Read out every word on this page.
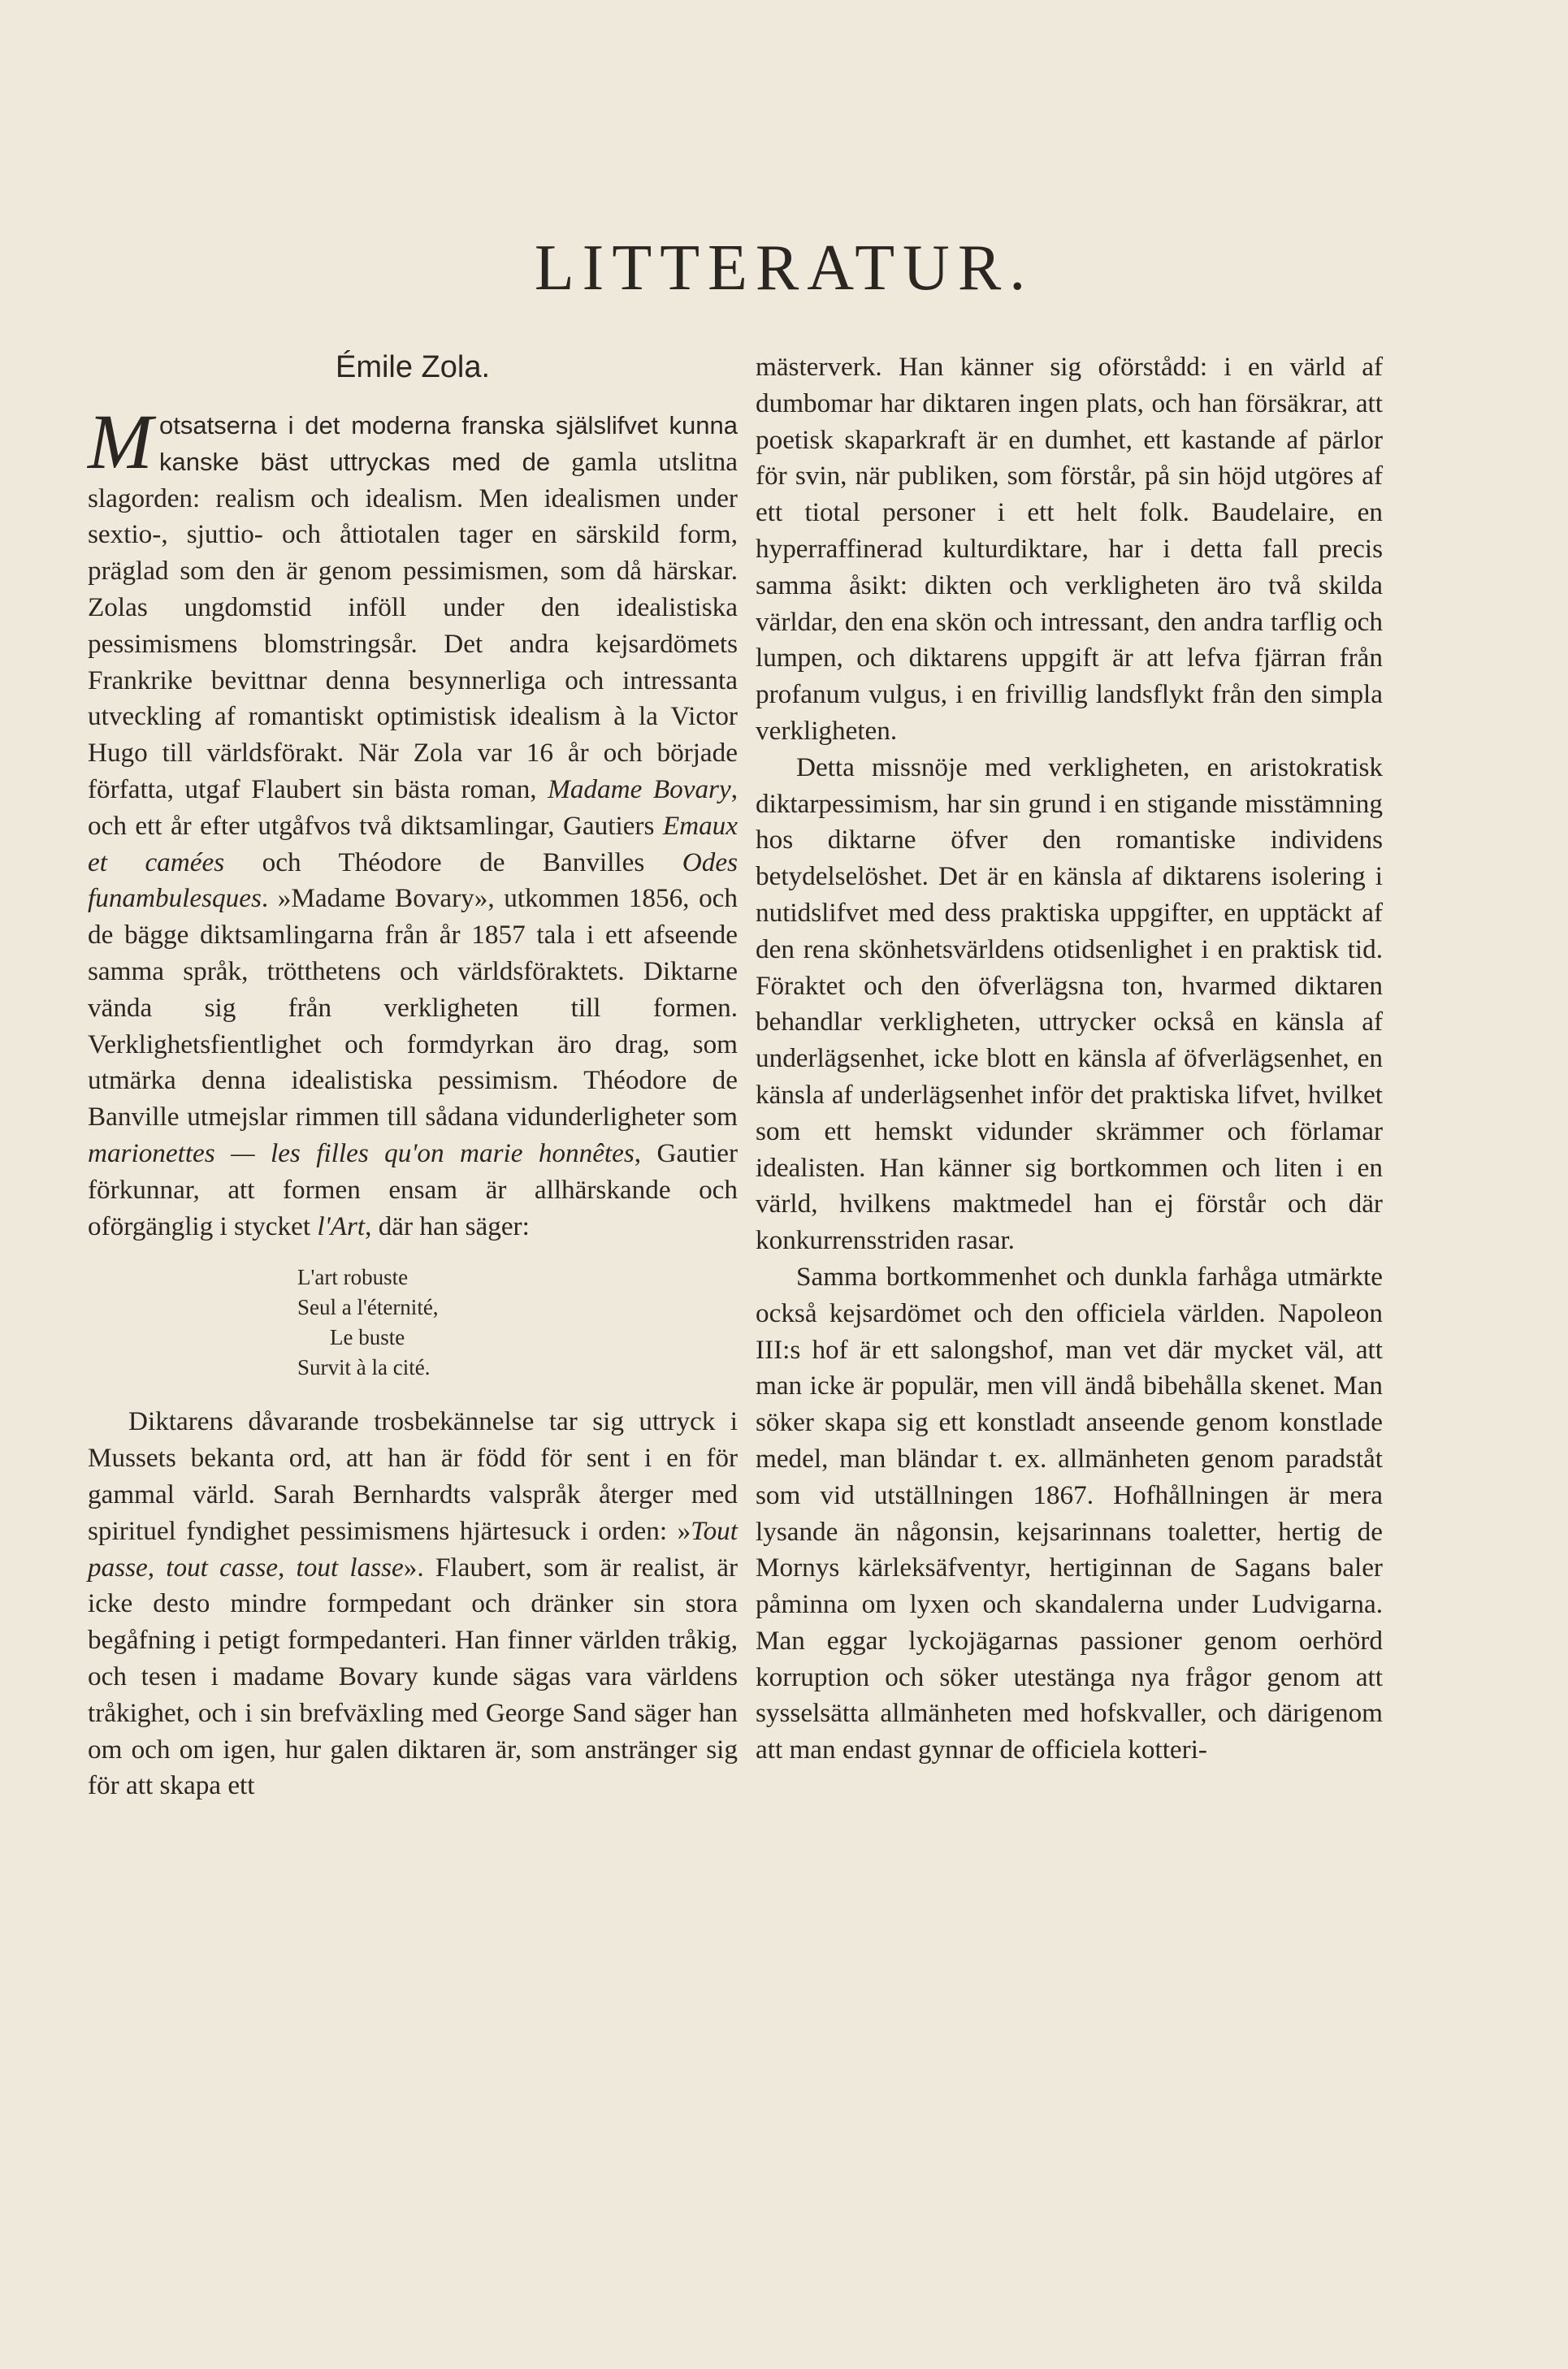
LITTERATUR.
Émile Zola.

Motsatserna i det moderna franska själslifvet kunna kanske bäst uttryckas med de gamla utslitna slagorden: realism och idealism. Men idealismen under sextio-, sjuttio- och åttiotalen tager en särskild form, präglad som den är genom pessimismen, som då härskar. Zolas ungdomstid inföll under den idealistiska pessimismens blomstringsår. Det andra kejsardömets Frankrike bevittnar denna besynnerliga och intressanta utveckling af romantiskt optimistisk idealism à la Victor Hugo till världsförakt. När Zola var 16 år och började författa, utgaf Flaubert sin bästa roman, Madame Bovary, och ett år efter utgåfvos två diktsamlingar, Gautiers Emaux et camées och Théodore de Banvilles Odes funambulesques. »Madame Bovary», utkommen 1856, och de bägge diktsamlingarna från år 1857 tala i ett afseende samma språk, trötthetens och världsföraktets. Diktarne vända sig från verkligheten till formen. Verklighetsfientlighet och formdyrkan äro drag, som utmärka denna idealistiska pessimism. Théodore de Banville utmejslar rimmen till sådana vidunderligheter som marionettes — les filles qu'on marie honnêtes, Gautier förkunnar, att formen ensam är allhärskande och oförgänglig i stycket l'Art, där han säger:

L'art robuste
Seul a l'éternité,
Le buste
Survit à la cité.

Diktarens dåvarande trosbekännelse tar sig uttryck i Mussets bekanta ord, att han är född för sent i en för gammal värld. Sarah Bernhardts valspråk återger med spirituel fyndighet pessimismens hjärtesuck i orden: »Tout passe, tout casse, tout lasse». Flaubert, som är realist, är icke desto mindre formpedant och dränker sin stora begåfning i petigt formpedanteri. Han finner världen tråkig, och tesen i madame Bovary kunde sägas vara världens tråkighet, och i sin brefväxling med George Sand säger han om och om igen, hur galen diktaren är, som anstränger sig för att skapa ett

mästerverk. Han känner sig oförstådd: i en värld af dumbomar har diktaren ingen plats, och han försäkrar, att poetisk skaparkraft är en dumhet, ett kastande af pärlor för svin, när publiken, som förstår, på sin höjd utgöres af ett tiotal personer i ett helt folk. Baudelaire, en hyperraffinerad kulturdiktare, har i detta fall precis samma åsikt: dikten och verkligheten äro två skilda världar, den ena skön och intressant, den andra tarflig och lumpen, och diktarens uppgift är att lefva fjärran från profanum vulgus, i en frivillig landsflykt från den simpla verkligheten.

Detta missnöje med verkligheten, en aristokratisk diktarpessimism, har sin grund i en stigande misstämning hos diktarne öfver den romantiske individens betydelselöshet. Det är en känsla af diktarens isolering i nutidslifvet med dess praktiska uppgifter, en upptäckt af den rena skönhetsvärldens otidsenlighet i en praktisk tid. Föraktet och den öfverlägsna ton, hvarmed diktaren behandlar verkligheten, uttrycker också en känsla af underlägsenhet, icke blott en känsla af öfverlägsenhet, en känsla af underlägsenhet inför det praktiska lifvet, hvilket som ett hemskt vidunder skrämmer och förlamar idealisten. Han känner sig bortkommen och liten i en värld, hvilkens maktmedel han ej förstår och där konkurrensstriden rasar.

Samma bortkommenhet och dunkla farhåga utmärkte också kejsardömet och den officiela världen. Napoleon III:s hof är ett salongshof, man vet där mycket väl, att man icke är populär, men vill ändå bibehålla skenet. Man söker skapa sig ett konstladt anseende genom konstlade medel, man bländar t. ex. allmänheten genom paradståt som vid utställningen 1867. Hofhållningen är mera lysande än någonsin, kejsarinnans toaletter, hertig de Mornys kärleksäfventyr, hertiginnan de Sagans baler påminna om lyxen och skandalerna under Ludvigarna. Man eggar lyckojägarnas passioner genom oerhörd korruption och söker utestänga nya frågor genom att sysselsätta allmänheten med hofskvaller, och därigenom att man endast gynnar de officiela kotteri-
